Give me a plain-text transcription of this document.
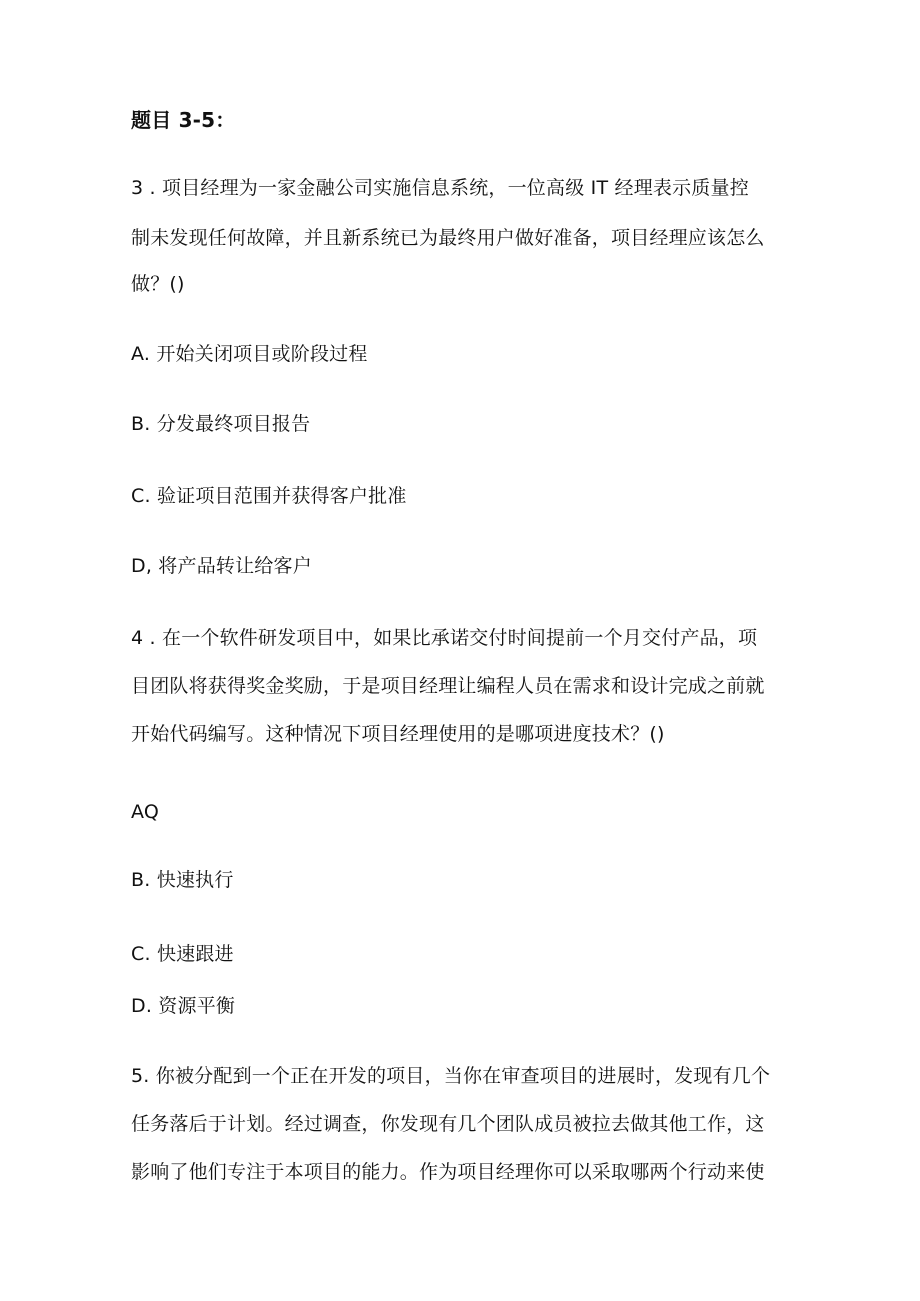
题目 3-5：
3 . 项目经理为一家金融公司实施信息系统，一位高级 IT 经理表示质量控
制未发现任何故障，并且新系统已为最终用户做好准备，项目经理应该怎么
做？()
A. 开始关闭项目或阶段过程
B. 分发最终项目报告
C. 验证项目范围并获得客户批准
D, 将产品转让给客户
4 . 在一个软件研发项目中，如果比承诺交付时间提前一个月交付产品，项
目团队将获得奖金奖励，于是项目经理让编程人员在需求和设计完成之前就
开始代码编写。这种情况下项目经理使用的是哪项进度技术？()
AQ
B. 快速执行
C. 快速跟进
D. 资源平衡
5. 你被分配到一个正在开发的项目，当你在审查项目的进展时，发现有几个
任务落后于计划。经过调查，你发现有几个团队成员被拉去做其他工作，这
影响了他们专注于本项目的能力。作为项目经理你可以采取哪两个行动来使
